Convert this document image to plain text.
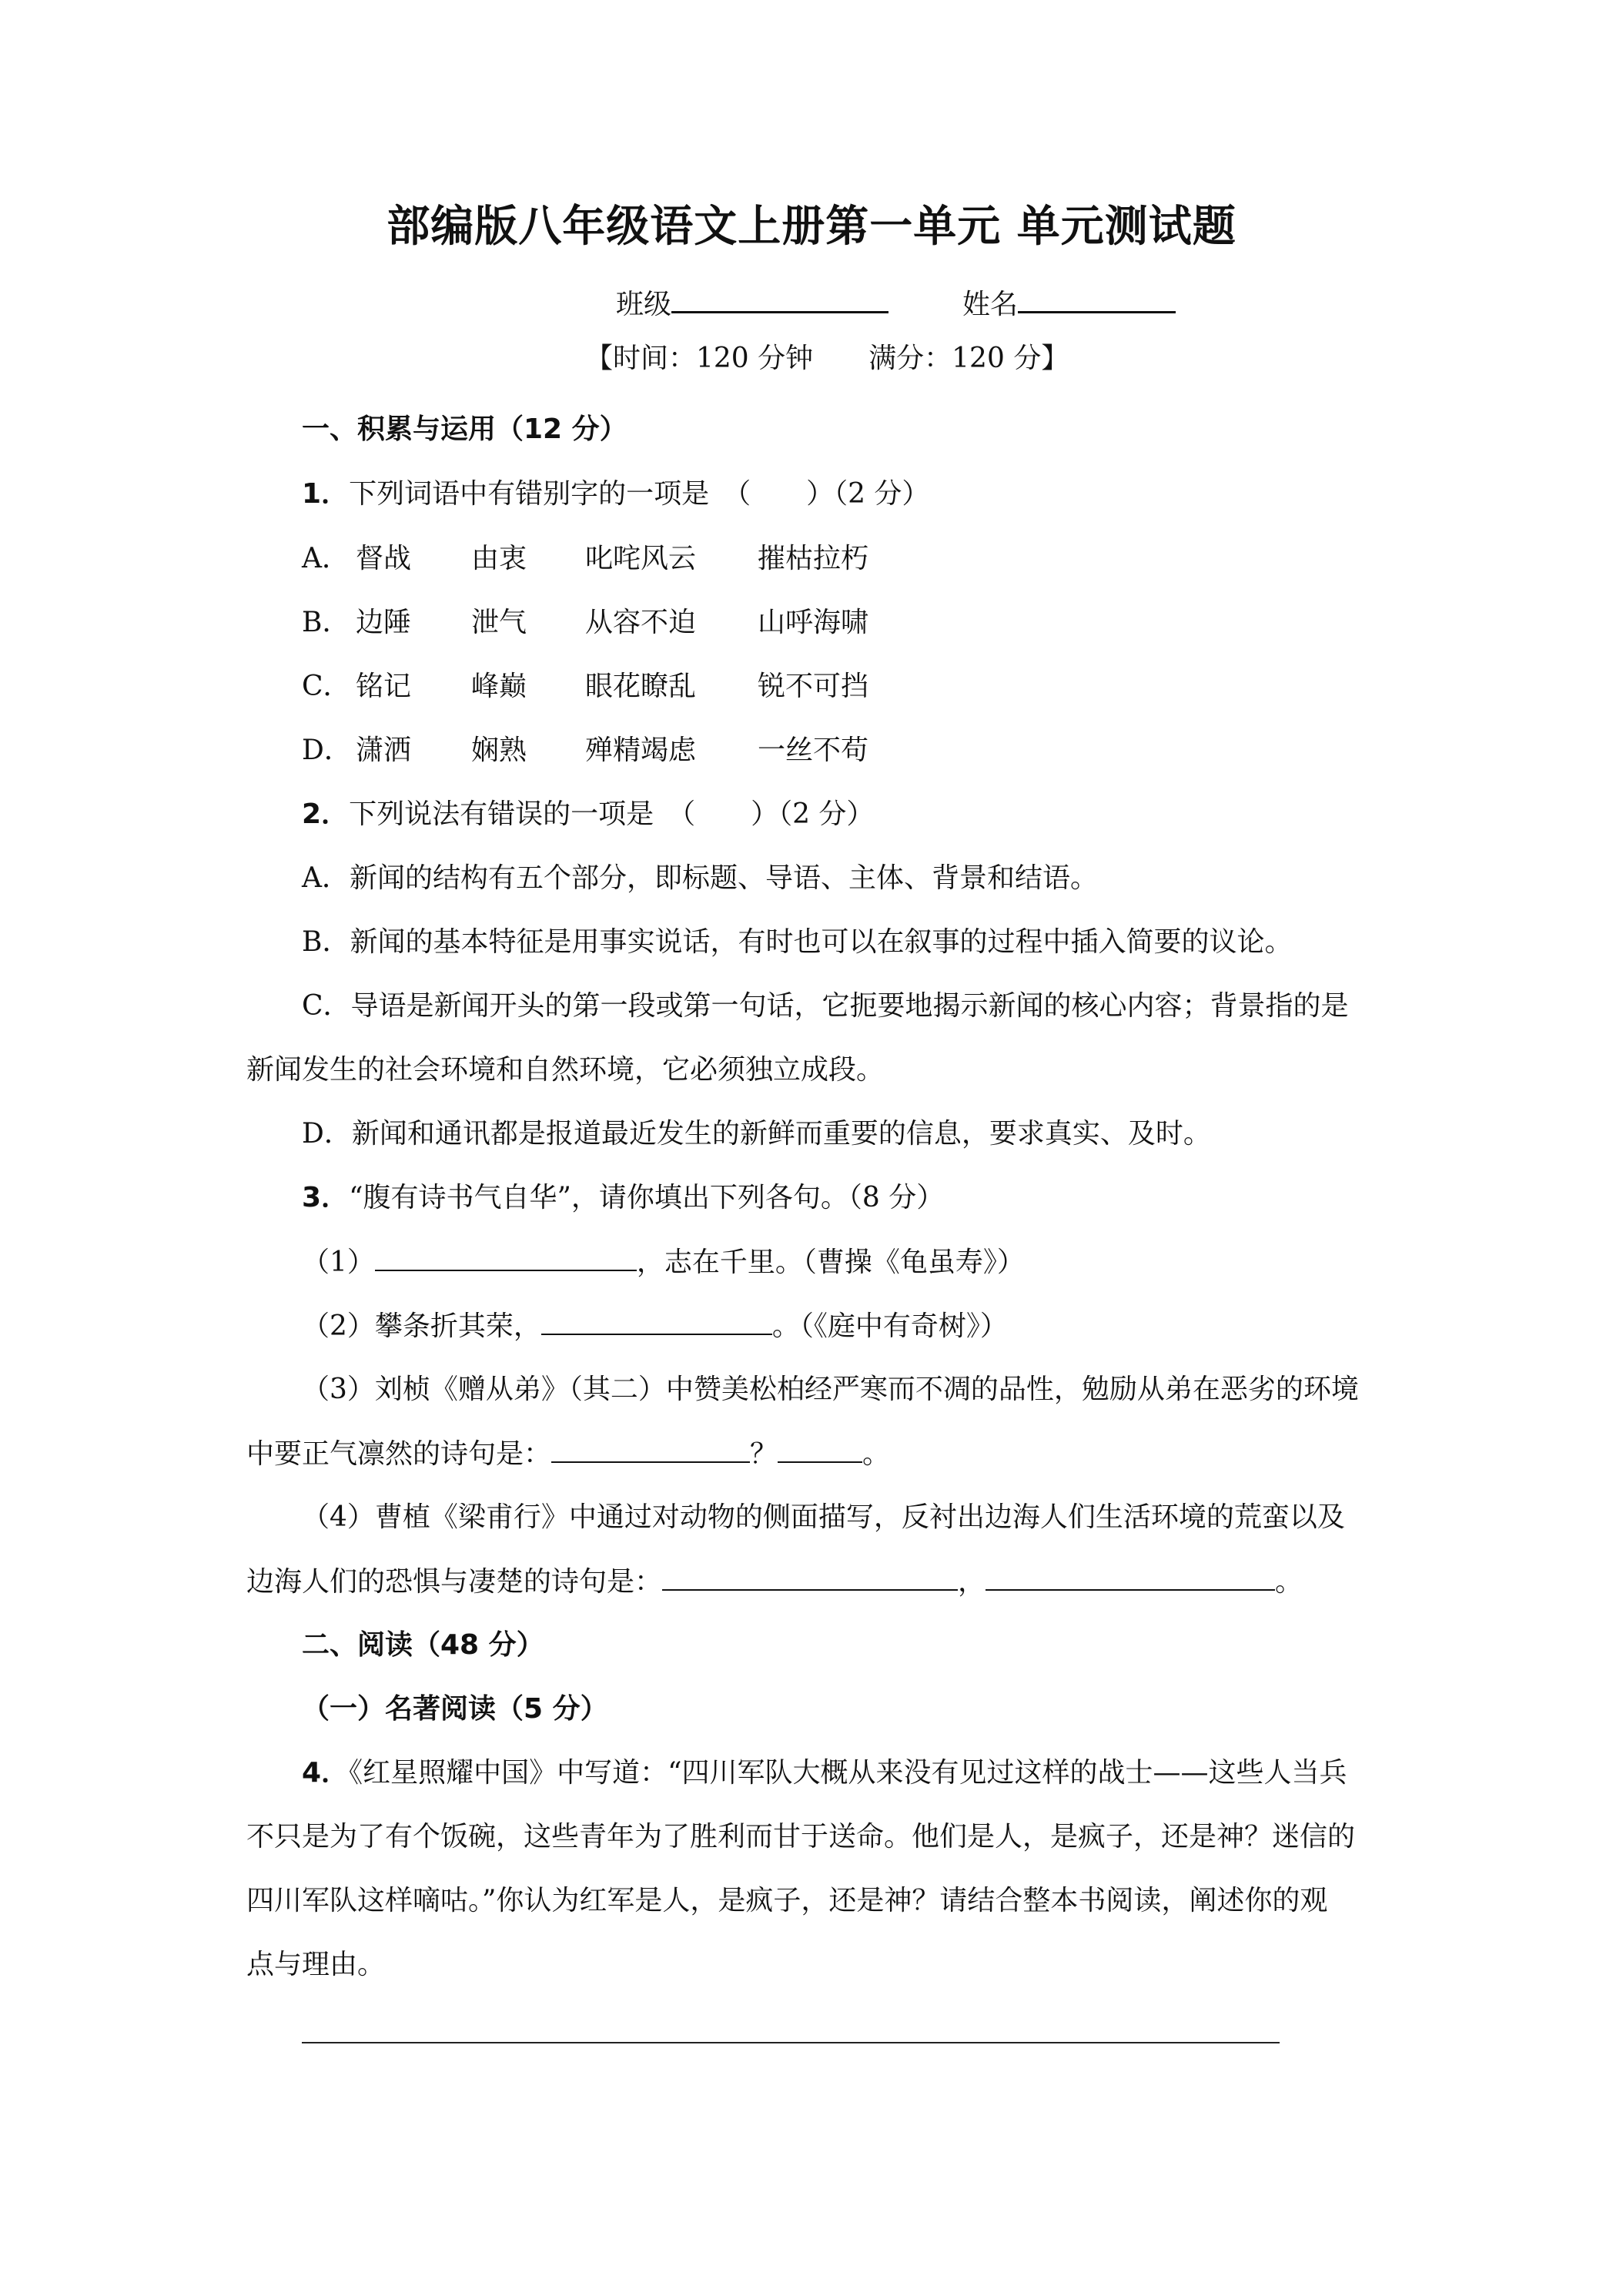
部编版八年级语文上册第一单元 单元测试题
班级	姓名
【时间：120 分钟　　满分：120 分】
一、积累与运用（12 分）
1．下列词语中有错别字的一项是　（　　）（2 分）
A． 督战 由衷 叱咤风云 摧枯拉朽
B． 边陲 泄气 从容不迫 山呼海啸
C． 铭记 峰巅 眼花瞭乱 锐不可挡
D． 潇洒 娴熟 殚精竭虑 一丝不苟
2．下列说法有错误的一项是　（　　）（2 分）
A．新闻的结构有五个部分，即标题、导语、主体、背景和结语。
B．新闻的基本特征是用事实说话，有时也可以在叙事的过程中插入简要的议论。
C．导语是新闻开头的第一段或第一句话，它扼要地揭示新闻的核心内容；背景指的是
新闻发生的社会环境和自然环境，它必须独立成段。
D．新闻和通讯都是报道最近发生的新鲜而重要的信息，要求真实、及时。
3．“腹有诗书气自华”，请你填出下列各句。（8 分）
（1）	，志在千里。（曹操《龟虽寿》）
（2）攀条折其荣，	。（《庭中有奇树》）
（3）刘桢《赠从弟》（其二）中赞美松柏经严寒而不凋的品性，勉励从弟在恶劣的环境
中要正气凛然的诗句是：	？	。
（4）曹植《梁甫行》中通过对动物的侧面描写，反衬出边海人们生活环境的荒蛮以及
边海人们的恐惧与凄楚的诗句是：	，	。
二、阅读（48 分）
（一）名著阅读（5 分）
4．《红星照耀中国》中写道：“四川军队大概从来没有见过这样的战士——这些人当兵
不只是为了有个饭碗，这些青年为了胜利而甘于送命。他们是人，是疯子，还是神？迷信的
四川军队这样嘀咕。”你认为红军是人，是疯子，还是神？请结合整本书阅读，阐述你的观
点与理由。
